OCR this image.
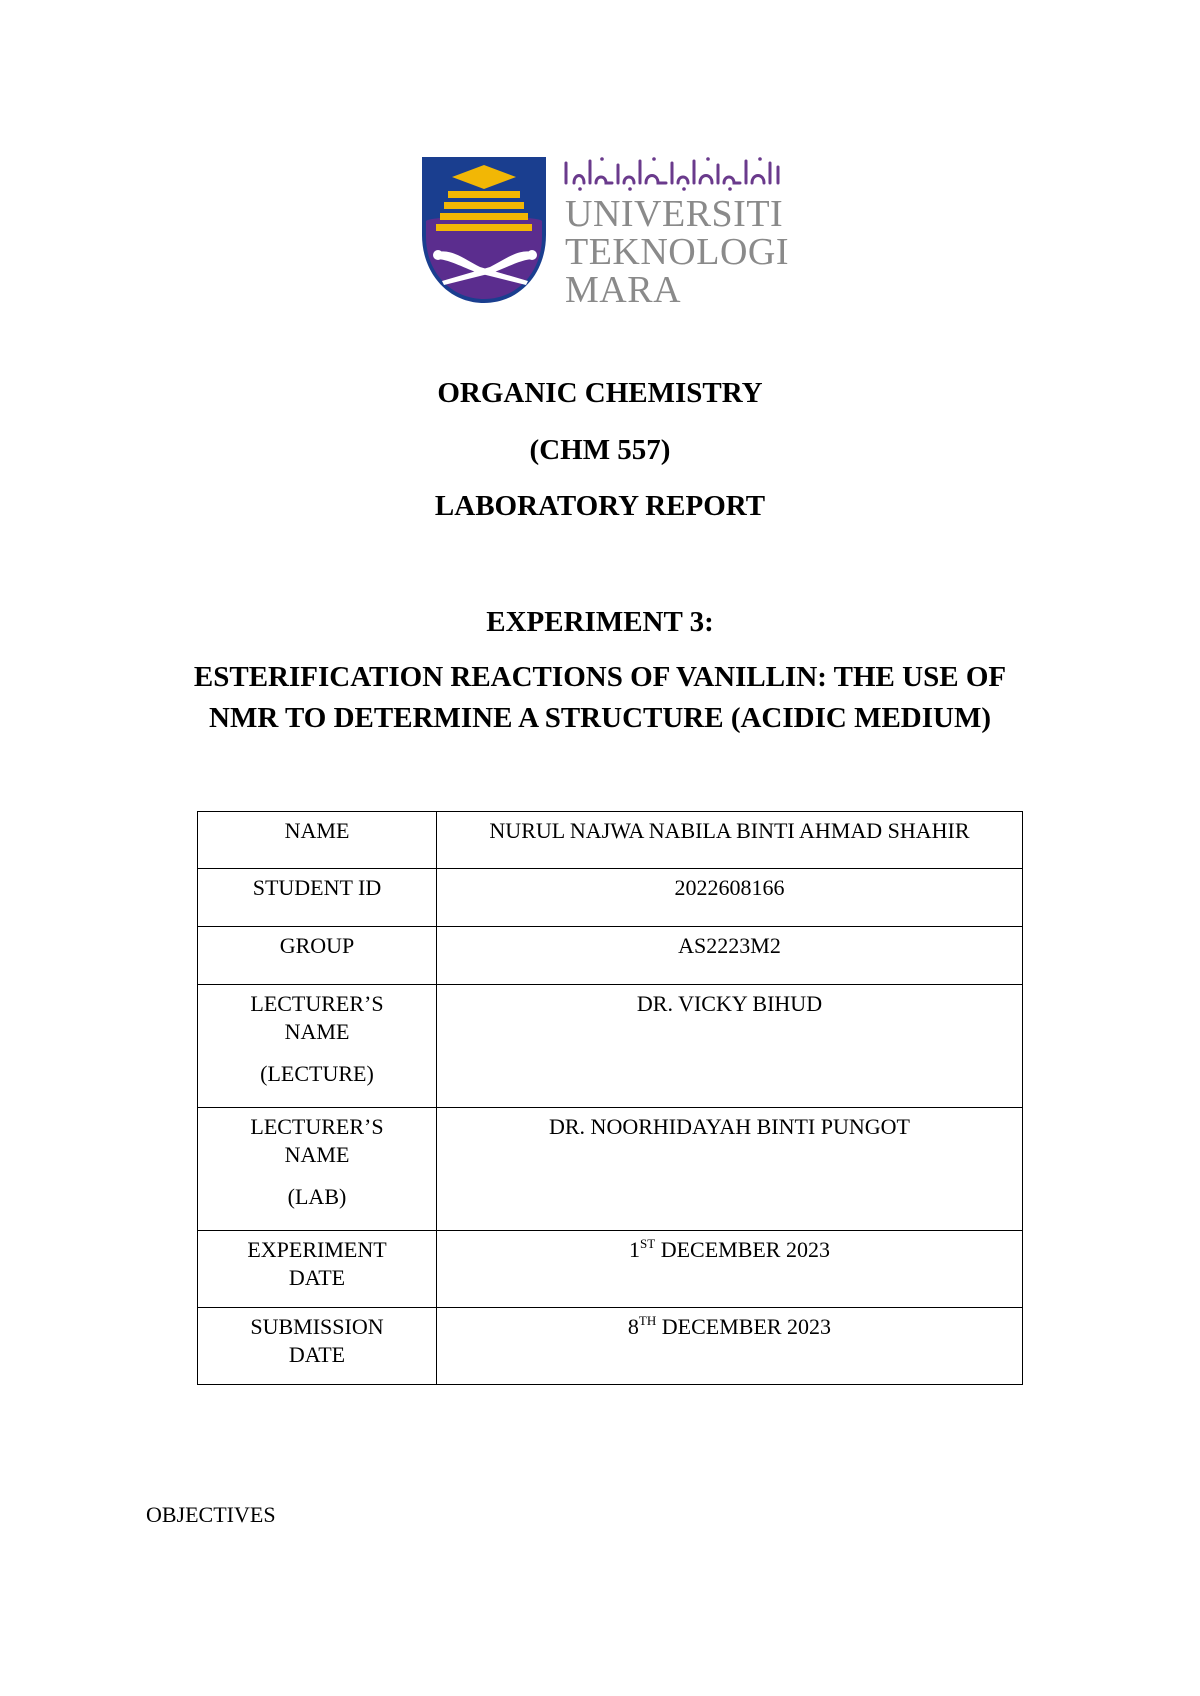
UNIVERSITI
TEKNOLOGI
MARA
ORGANIC CHEMISTRY
(CHM 557)
LABORATORY REPORT
EXPERIMENT 3:
ESTERIFICATION REACTIONS OF VANILLIN: THE USE OF
NMR TO DETERMINE A STRUCTURE (ACIDIC MEDIUM)
NAME	NURUL NAJWA NABILA BINTI AHMAD SHAHIR
STUDENT ID	2022608166
GROUP	AS2223M2
LECTURER’S
NAME
(LECTURE)	DR. VICKY BIHUD
LECTURER’S
NAME
(LAB)	DR. NOORHIDAYAH BINTI PUNGOT
EXPERIMENT
DATE	1ST DECEMBER 2023
SUBMISSION
DATE	8TH DECEMBER 2023
OBJECTIVES
